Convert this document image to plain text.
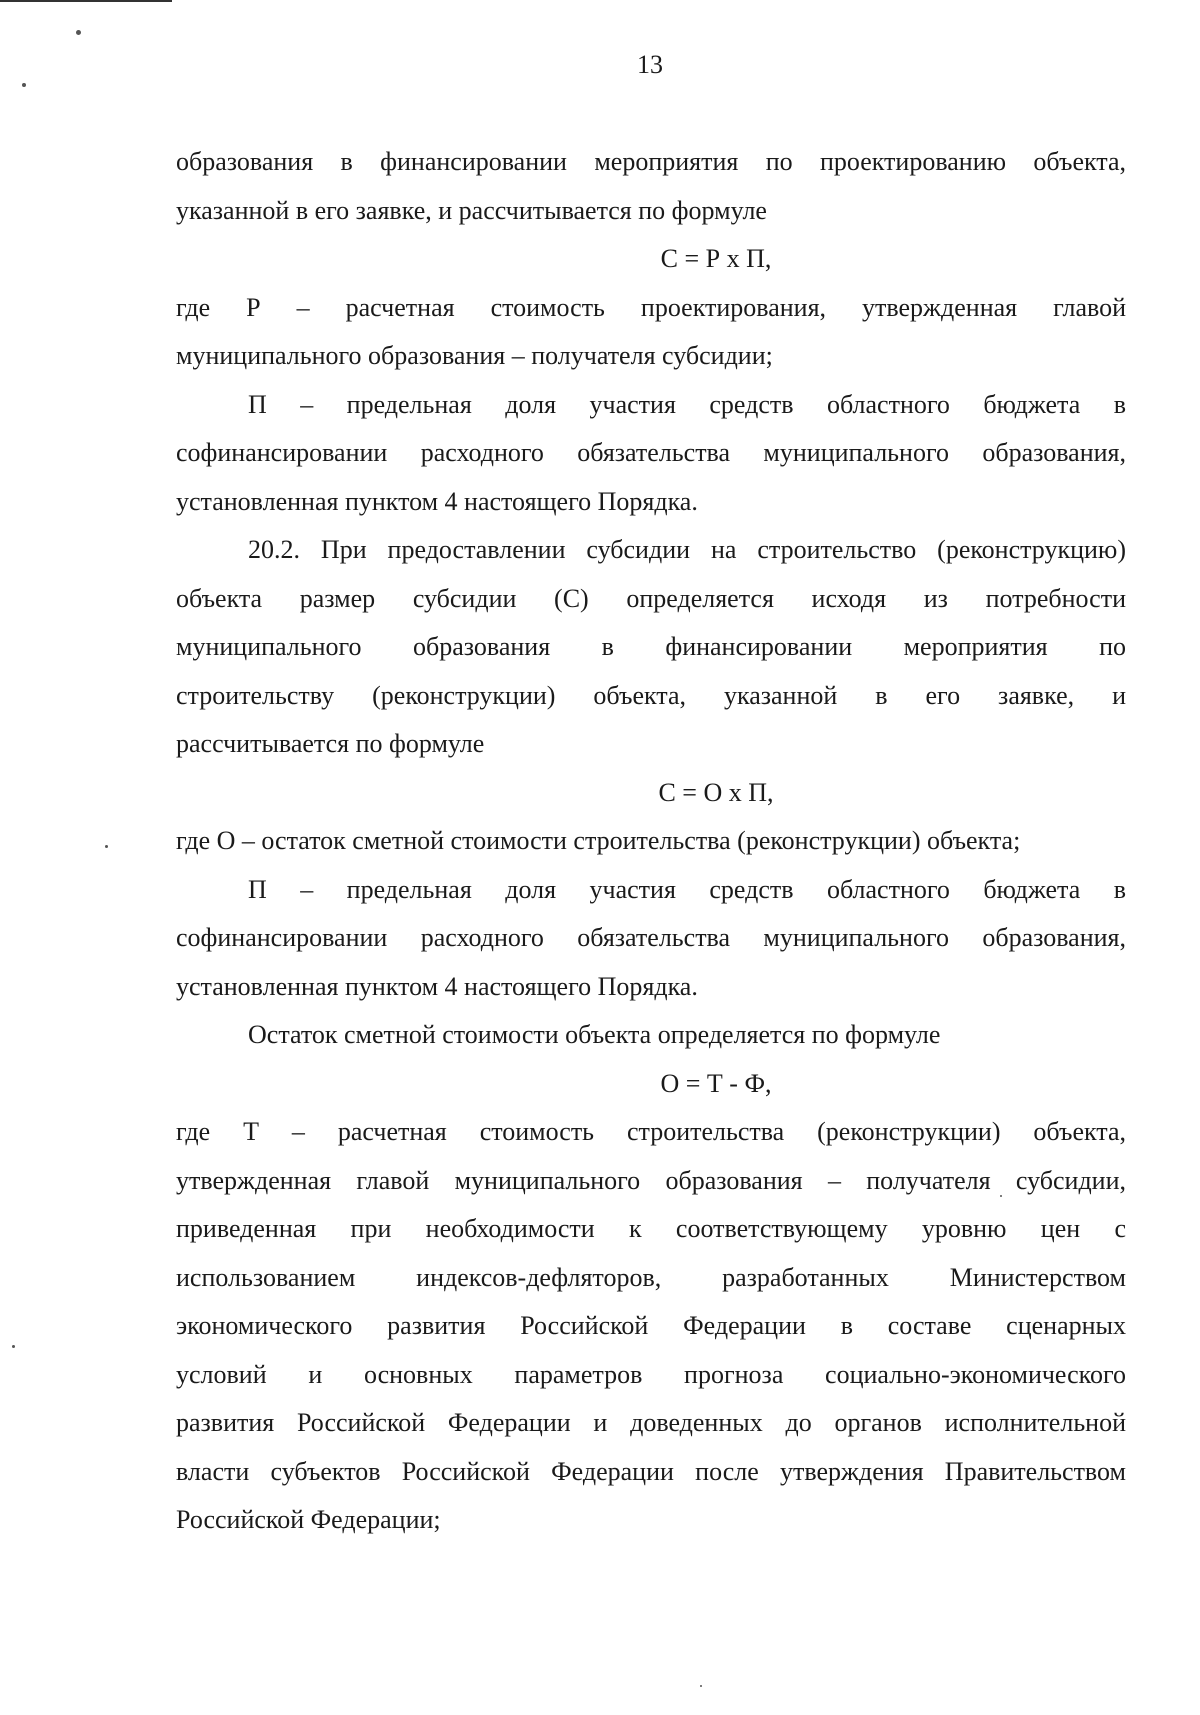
13
образования в финансировании мероприятия по проектированию объекта,
указанной в его заявке, и рассчитывается по формуле
С = Р х П,
где Р – расчетная стоимость проектирования, утвержденная главой
муниципального образования – получателя субсидии;
П – предельная доля участия средств областного бюджета в
софинансировании расходного обязательства муниципального образования,
установленная пунктом 4 настоящего Порядка.
20.2. При предоставлении субсидии на строительство (реконструкцию)
объекта размер субсидии (С) определяется исходя из потребности
муниципального образования в финансировании мероприятия по
строительству (реконструкции) объекта, указанной в его заявке, и
рассчитывается по формуле
С = О х П,
где О – остаток сметной стоимости строительства (реконструкции) объекта;
П – предельная доля участия средств областного бюджета в
софинансировании расходного обязательства муниципального образования,
установленная пунктом 4 настоящего Порядка.
Остаток сметной стоимости объекта определяется по формуле
О = Т - Ф,
где Т – расчетная стоимость строительства (реконструкции) объекта,
утвержденная главой муниципального образования – получателя субсидии,
приведенная при необходимости к соответствующему уровню цен с
использованием индексов-дефляторов, разработанных Министерством
экономического развития Российской Федерации в составе сценарных
условий и основных параметров прогноза социально-экономического
развития Российской Федерации и доведенных до органов исполнительной
власти субъектов Российской Федерации после утверждения Правительством
Российской Федерации;
